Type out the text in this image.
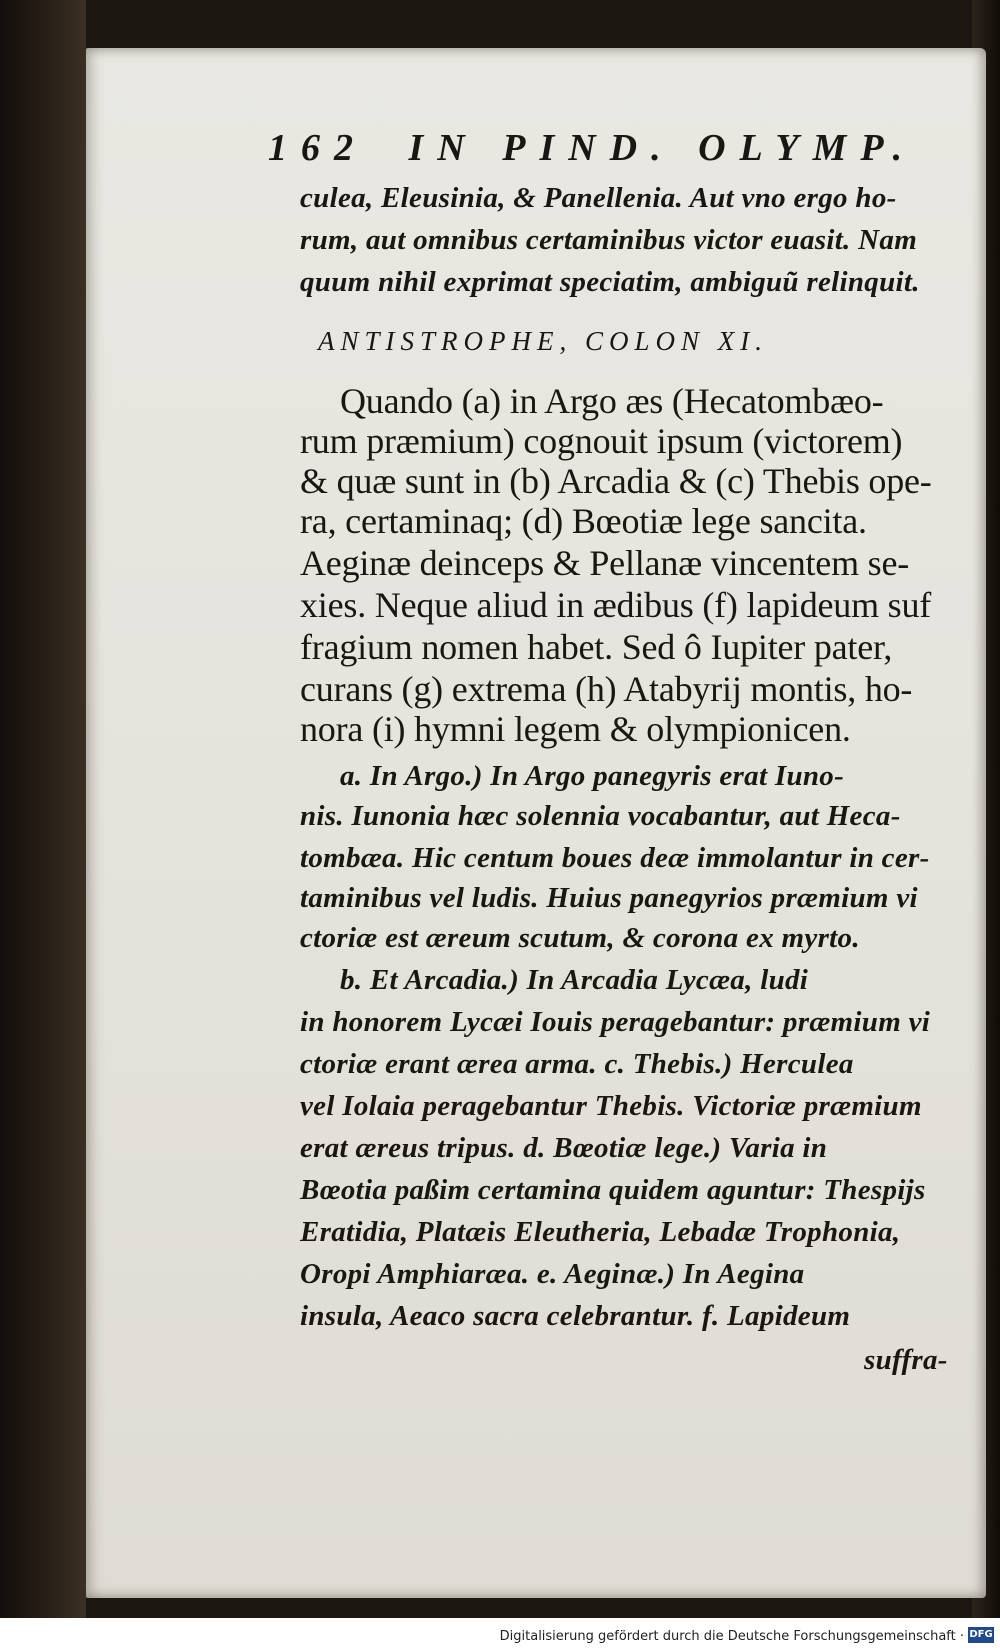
162 IN PIND. OLYMP.
culea, Eleusinia, & Panellenia. Aut vno ergo ho-
rum, aut omnibus certaminibus victor euasit. Nam
quum nihil exprimat speciatim, ambiguũ relinquit.
ANTISTROPHE, COLON XI.
Quando (a) in Argo æs (Hecatombæo-
rum præmium) cognouit ipsum (victorem)
& quæ sunt in (b) Arcadia & (c) Thebis ope-
ra, certaminaq; (d) Bœotiæ lege sancita.
Aeginæ deinceps & Pellanæ vincentem se-
xies. Neque aliud in ædibus (f) lapideum suf
fragium nomen habet. Sed ô Iupiter pater,
curans (g) extrema (h) Atabyrij montis, ho-
nora (i) hymni legem & olympionicen.
a. In Argo.) In Argo panegyris erat Iuno-
nis. Iunonia hæc solennia vocabantur, aut Heca-
tombæa. Hic centum boues deæ immolantur in cer-
taminibus vel ludis. Huius panegyrios præmium vi
ctoriæ est æreum scutum, & corona ex myrto.
b. Et Arcadia.) In Arcadia Lycæa, ludi
in honorem Lycæi Iouis peragebantur: præmium vi
ctoriæ erant ærea arma. c. Thebis.) Herculea
vel Iolaia peragebantur Thebis. Victoriæ præmium
erat æreus tripus. d. Bœotiæ lege.) Varia in
Bœotia paßim certamina quidem aguntur: Thespijs
Eratidia, Platæis Eleutheria, Lebadæ Trophonia,
Oropi Amphiaræa. e. Aeginæ.) In Aegina
insula, Aeaco sacra celebrantur. f. Lapideum
suffra-
Digitalisierung gefördert durch die Deutsche Forschungsgemeinschaft · DFG
